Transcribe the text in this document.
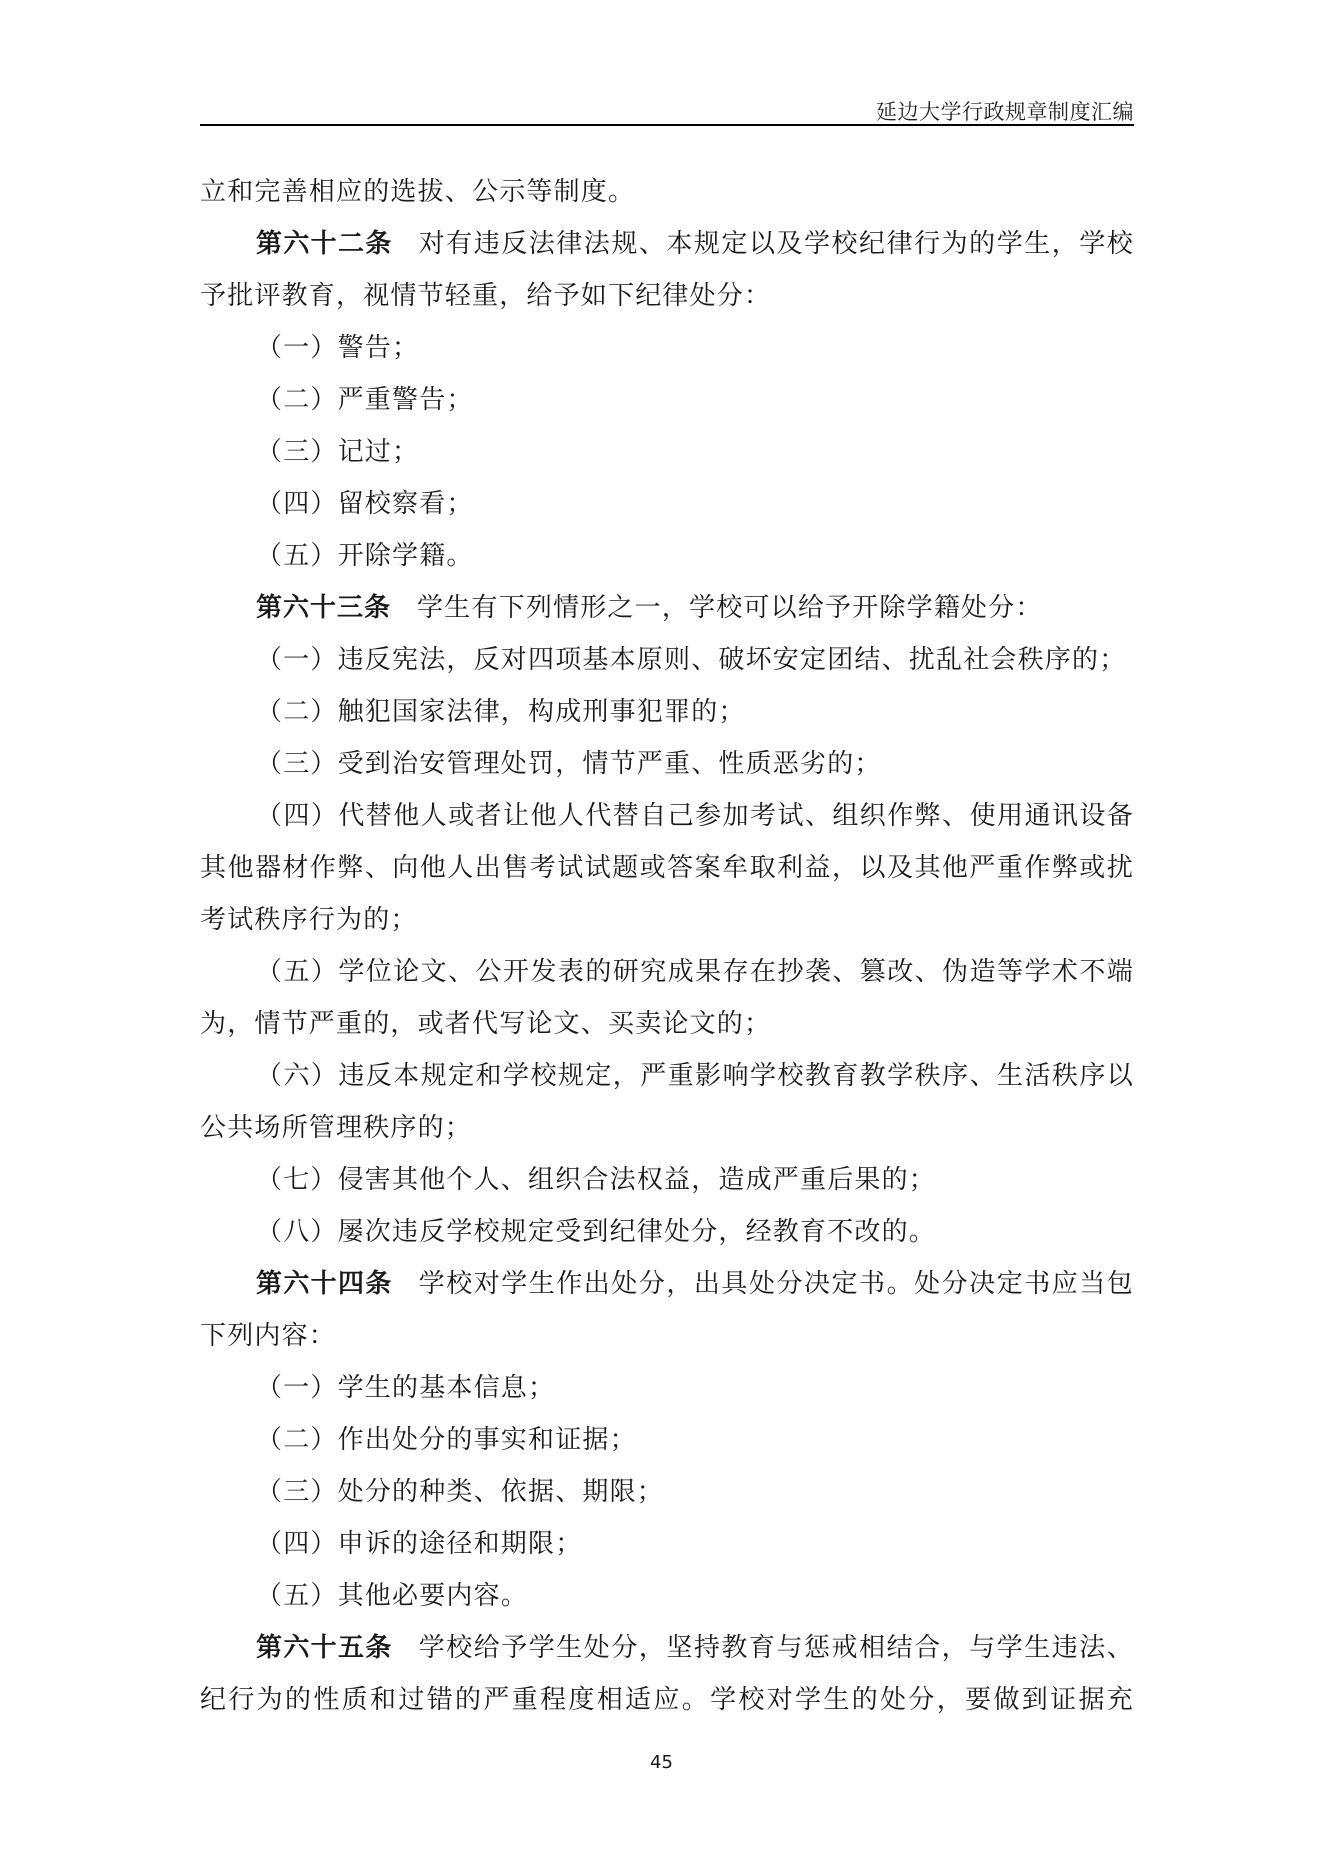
延边大学行政规章制度汇编
立和完善相应的选拔、公示等制度。
第六十二条 对有违反法律法规、本规定以及学校纪律行为的学生，学校
予批评教育，视情节轻重，给予如下纪律处分：
（一）警告；
（二）严重警告；
（三）记过；
（四）留校察看；
（五）开除学籍。
第六十三条 学生有下列情形之一，学校可以给予开除学籍处分：
（一）违反宪法，反对四项基本原则、破坏安定团结、扰乱社会秩序的；
（二）触犯国家法律，构成刑事犯罪的；
（三）受到治安管理处罚，情节严重、性质恶劣的；
（四）代替他人或者让他人代替自己参加考试、组织作弊、使用通讯设备
其他器材作弊、向他人出售考试试题或答案牟取利益，以及其他严重作弊或扰
考试秩序行为的；
（五）学位论文、公开发表的研究成果存在抄袭、篡改、伪造等学术不端
为，情节严重的，或者代写论文、买卖论文的；
（六）违反本规定和学校规定，严重影响学校教育教学秩序、生活秩序以
公共场所管理秩序的；
（七）侵害其他个人、组织合法权益，造成严重后果的；
（八）屡次违反学校规定受到纪律处分，经教育不改的。
第六十四条 学校对学生作出处分，出具处分决定书。处分决定书应当包
下列内容：
（一）学生的基本信息；
（二）作出处分的事实和证据；
（三）处分的种类、依据、期限；
（四）申诉的途径和期限；
（五）其他必要内容。
第六十五条 学校给予学生处分，坚持教育与惩戒相结合，与学生违法、
纪行为的性质和过错的严重程度相适应。学校对学生的处分，要做到证据充
45
